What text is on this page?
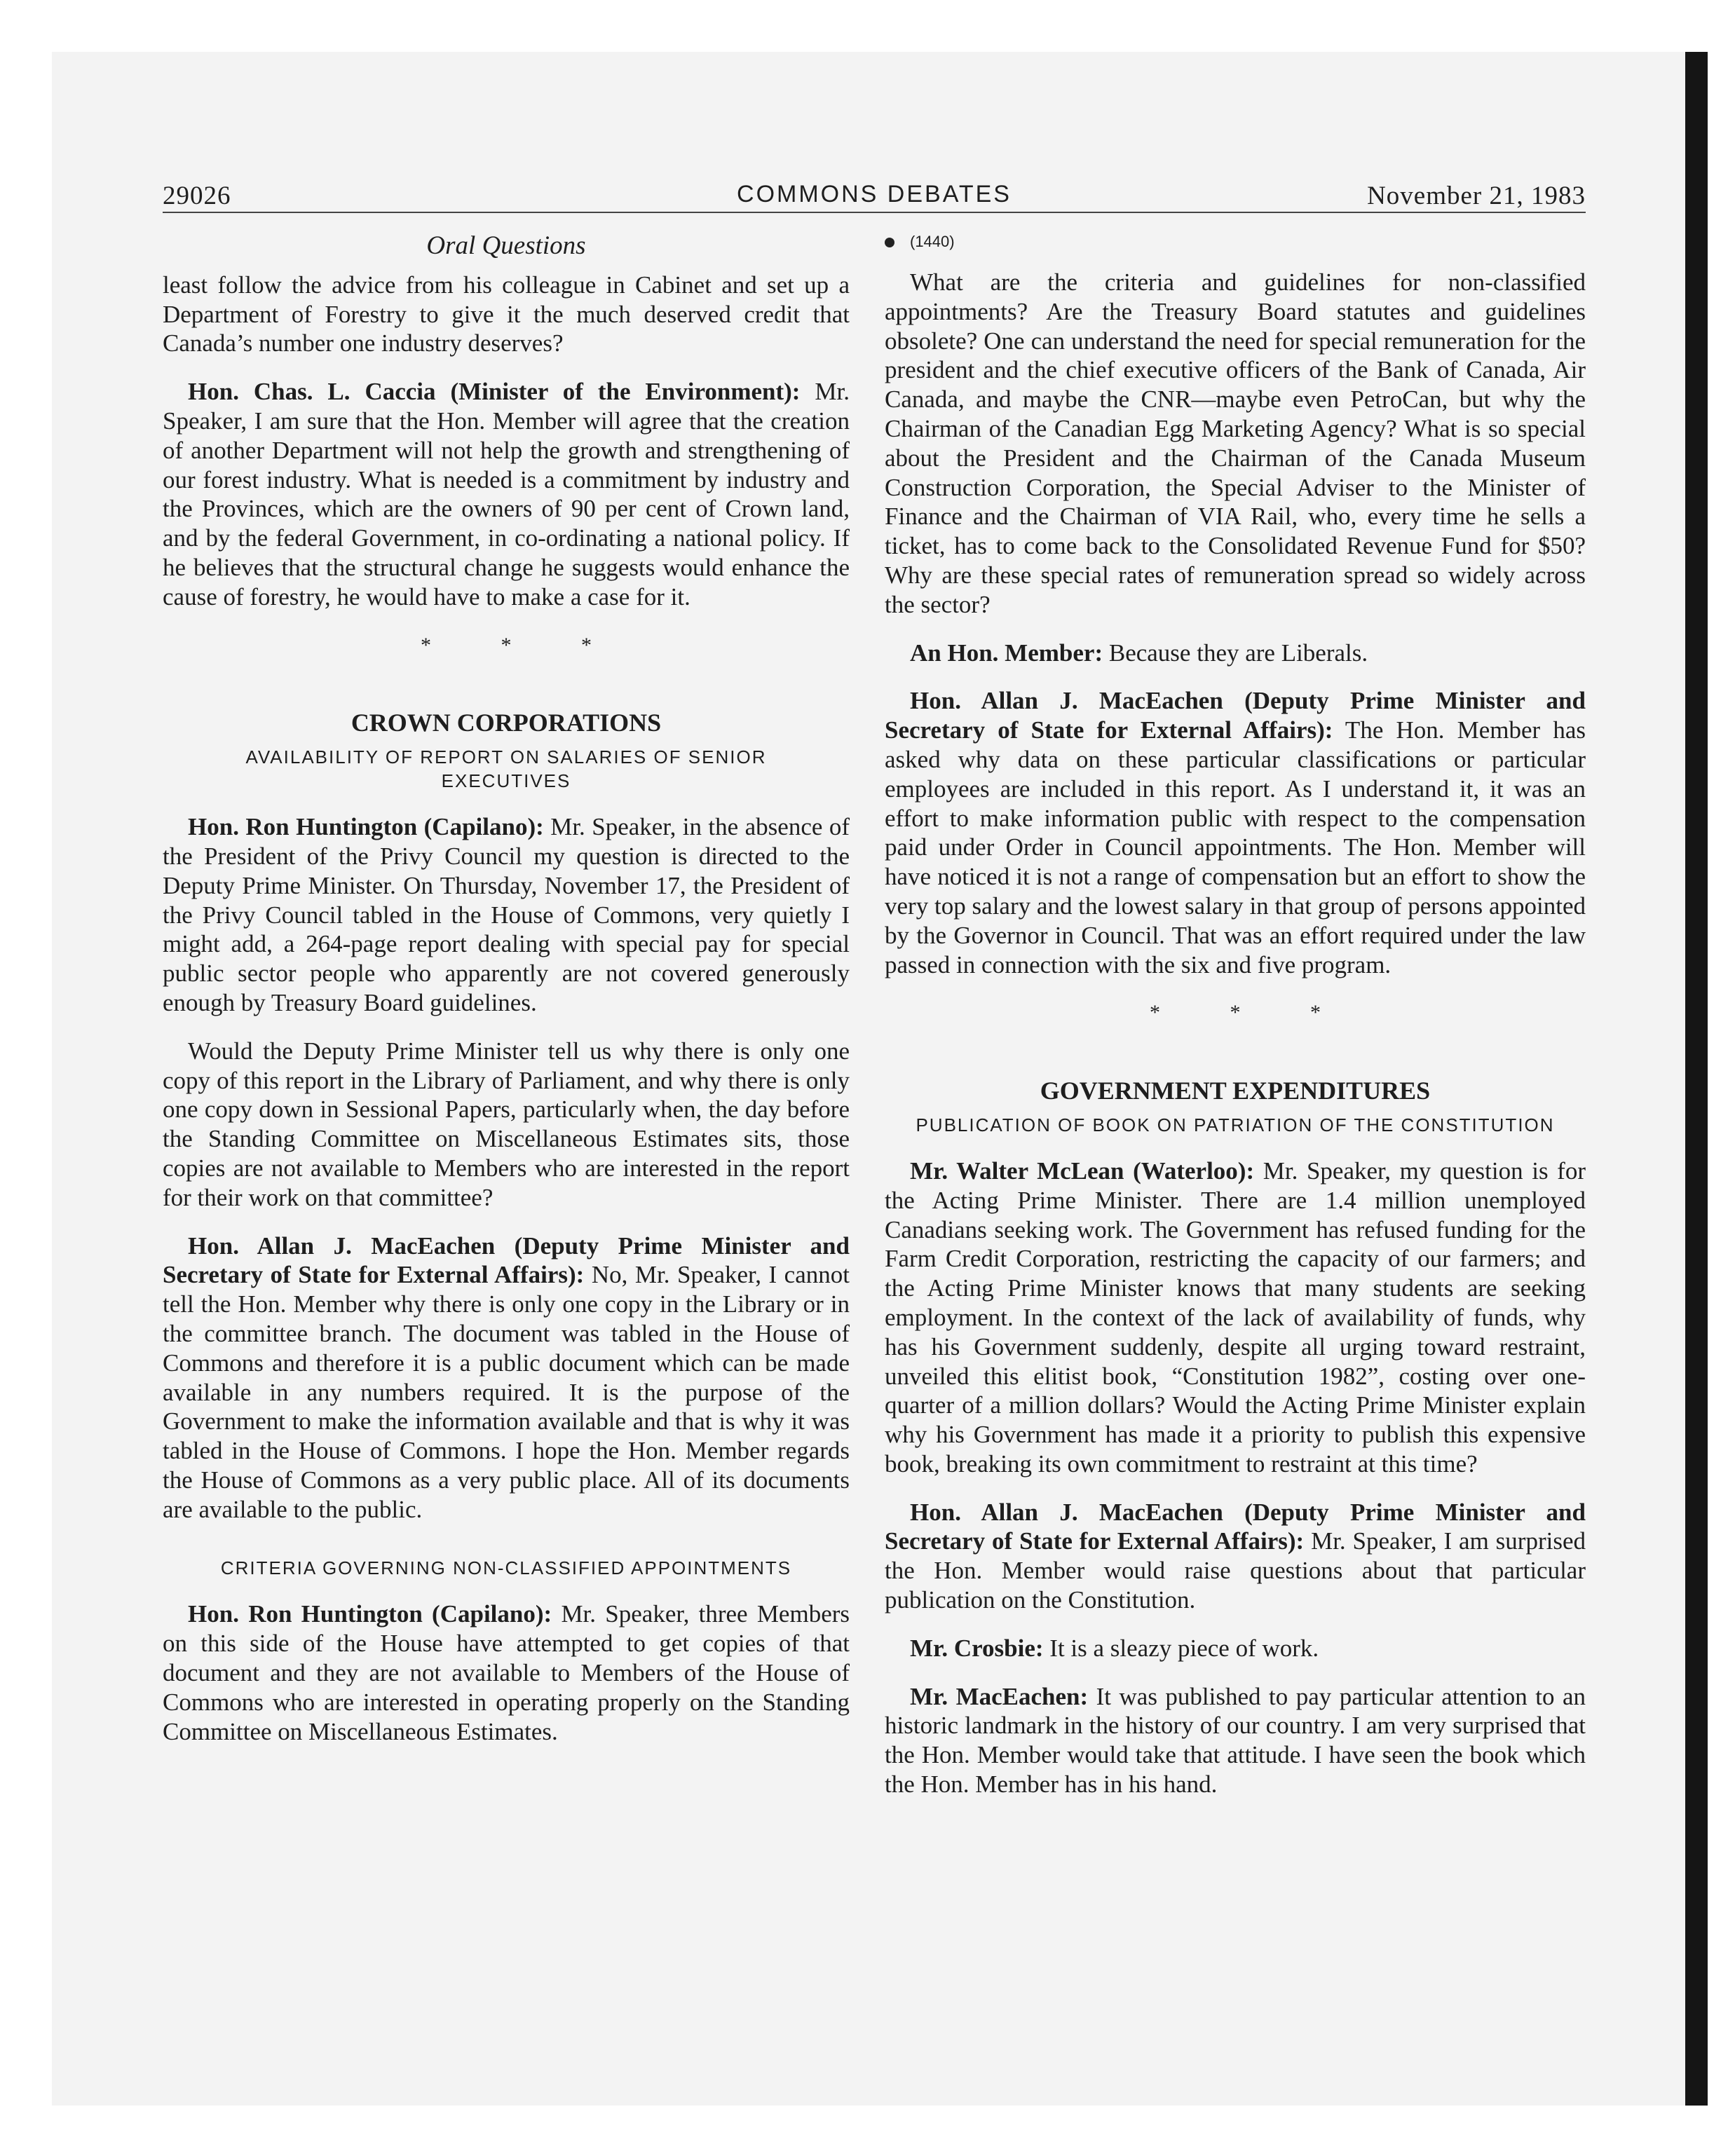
29026	COMMONS DEBATES	November 21, 1983
Oral Questions

least follow the advice from his colleague in Cabinet and set up a Department of Forestry to give it the much deserved credit that Canada’s number one industry deserves?

Hon. Chas. L. Caccia (Minister of the Environment): Mr. Speaker, I am sure that the Hon. Member will agree that the creation of another Department will not help the growth and strengthening of our forest industry. What is needed is a commitment by industry and the Provinces, which are the owners of 90 per cent of Crown land, and by the federal Government, in co-ordinating a national policy. If he believes that the structural change he suggests would enhance the cause of forestry, he would have to make a case for it.

* * *
CROWN CORPORATIONS
AVAILABILITY OF REPORT ON SALARIES OF SENIOR EXECUTIVES

Hon. Ron Huntington (Capilano): Mr. Speaker, in the absence of the President of the Privy Council my question is directed to the Deputy Prime Minister. On Thursday, November 17, the President of the Privy Council tabled in the House of Commons, very quietly I might add, a 264-page report dealing with special pay for special public sector people who apparently are not covered generously enough by Treasury Board guidelines.

Would the Deputy Prime Minister tell us why there is only one copy of this report in the Library of Parliament, and why there is only one copy down in Sessional Papers, particularly when, the day before the Standing Committee on Miscellaneous Estimates sits, those copies are not available to Members who are interested in the report for their work on that committee?

Hon. Allan J. MacEachen (Deputy Prime Minister and Secretary of State for External Affairs): No, Mr. Speaker, I cannot tell the Hon. Member why there is only one copy in the Library or in the committee branch. The document was tabled in the House of Commons and therefore it is a public document which can be made available in any numbers required. It is the purpose of the Government to make the information available and that is why it was tabled in the House of Commons. I hope the Hon. Member regards the House of Commons as a very public place. All of its documents are available to the public.

CRITERIA GOVERNING NON-CLASSIFIED APPOINTMENTS

Hon. Ron Huntington (Capilano): Mr. Speaker, three Members on this side of the House have attempted to get copies of that document and they are not available to Members of the House of Commons who are interested in operating properly on the Standing Committee on Miscellaneous Estimates.

(1440)

What are the criteria and guidelines for non-classified appointments? Are the Treasury Board statutes and guidelines obsolete? One can understand the need for special remuneration for the president and the chief executive officers of the Bank of Canada, Air Canada, and maybe the CNR—maybe even PetroCan, but why the Chairman of the Canadian Egg Marketing Agency? What is so special about the President and the Chairman of the Canada Museum Construction Corporation, the Special Adviser to the Minister of Finance and the Chairman of VIA Rail, who, every time he sells a ticket, has to come back to the Consolidated Revenue Fund for $50? Why are these special rates of remuneration spread so widely across the sector?

An Hon. Member: Because they are Liberals.

Hon. Allan J. MacEachen (Deputy Prime Minister and Secretary of State for External Affairs): The Hon. Member has asked why data on these particular classifications or particular employees are included in this report. As I understand it, it was an effort to make information public with respect to the compensation paid under Order in Council appointments. The Hon. Member will have noticed it is not a range of compensation but an effort to show the very top salary and the lowest salary in that group of persons appointed by the Governor in Council. That was an effort required under the law passed in connection with the six and five program.

* * *
GOVERNMENT EXPENDITURES
PUBLICATION OF BOOK ON PATRIATION OF THE CONSTITUTION

Mr. Walter McLean (Waterloo): Mr. Speaker, my question is for the Acting Prime Minister. There are 1.4 million unemployed Canadians seeking work. The Government has refused funding for the Farm Credit Corporation, restricting the capacity of our farmers; and the Acting Prime Minister knows that many students are seeking employment. In the context of the lack of availability of funds, why has his Government suddenly, despite all urging toward restraint, unveiled this elitist book, “Constitution 1982”, costing over one-quarter of a million dollars? Would the Acting Prime Minister explain why his Government has made it a priority to publish this expensive book, breaking its own commitment to restraint at this time?

Hon. Allan J. MacEachen (Deputy Prime Minister and Secretary of State for External Affairs): Mr. Speaker, I am surprised the Hon. Member would raise questions about that particular publication on the Constitution.

Mr. Crosbie: It is a sleazy piece of work.

Mr. MacEachen: It was published to pay particular attention to an historic landmark in the history of our country. I am very surprised that the Hon. Member would take that attitude. I have seen the book which the Hon. Member has in his hand.
